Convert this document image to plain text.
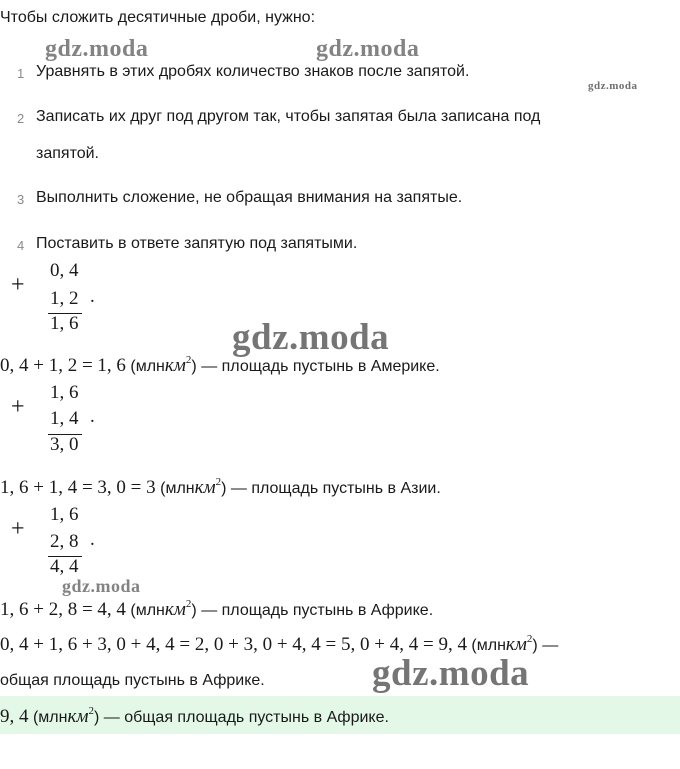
Чтобы сложить десятичные дроби, нужно:
gdz.moda	gdz.moda
gdz.moda
gdz.moda
gdz.moda
gdz.moda
1 Уравнять в этих дробях количество знаков после запятой.
2 Записать их друг под другом так, чтобы запятая была записана под
запятой.
3 Выполнить сложение, не обращая внимания на запятые.
4 Поставить в ответе запятую под запятыми.
+
0, 4
1, 2
1, 6
.
0, 4 + 1, 2 = 1, 6 (млнкм$^2$) — площадь пустынь в Америке.
+
1, 6
1, 4
3, 0
.
1, 6 + 1, 4 = 3, 0 = 3 (млнкм$^2$) — площадь пустынь в Азии.
+
1, 6
2, 8
4, 4
.
1, 6 + 2, 8 = 4, 4 (млнкм$^2$) — площадь пустынь в Африке.
0, 4 + 1, 6 + 3, 0 + 4, 4 = 2, 0 + 3, 0 + 4, 4 = 5, 0 + 4, 4 = 9, 4 (млнкм$^2$) —
общая площадь пустынь в Африке.
9, 4 (млнкм$^2$) — общая площадь пустынь в Африке.
